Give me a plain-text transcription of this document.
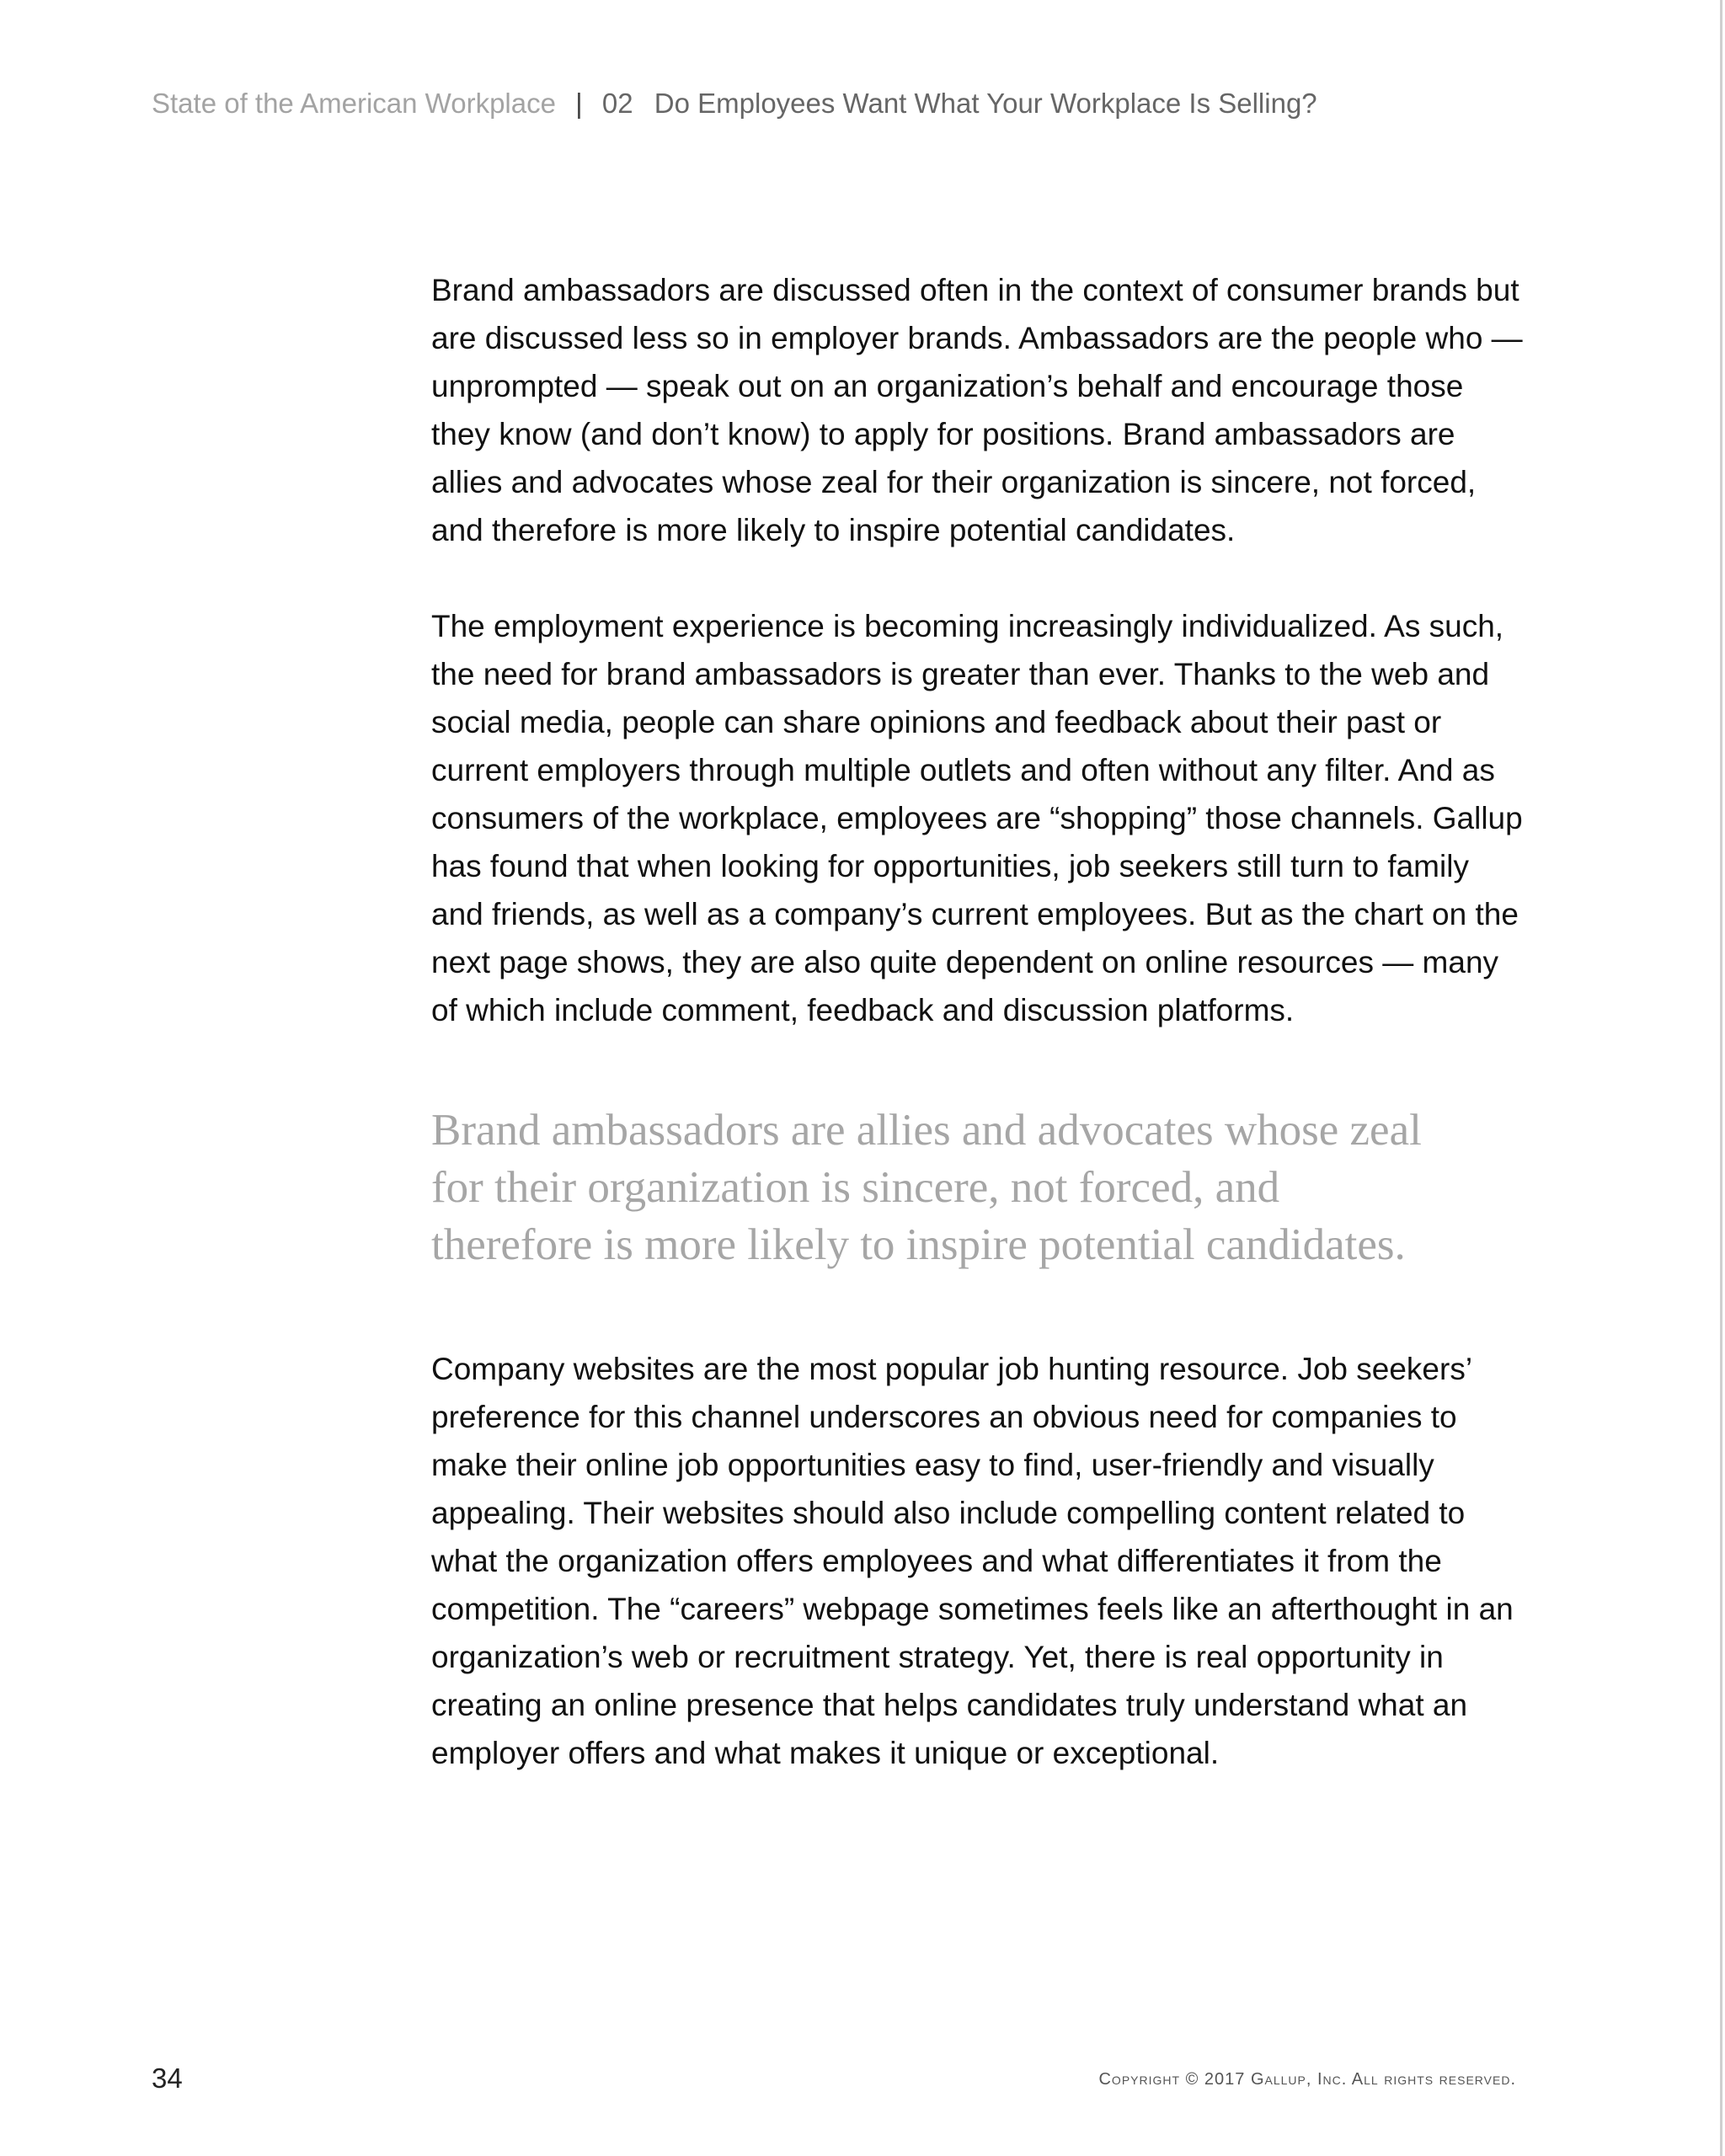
State of the American Workplace | 02 Do Employees Want What Your Workplace Is Selling?

Brand ambassadors are discussed often in the context of consumer brands but are discussed less so in employer brands. Ambassadors are the people who — unprompted — speak out on an organization’s behalf and encourage those they know (and don’t know) to apply for positions. Brand ambassadors are allies and advocates whose zeal for their organization is sincere, not forced, and therefore is more likely to inspire potential candidates.

The employment experience is becoming increasingly individualized. As such, the need for brand ambassadors is greater than ever. Thanks to the web and social media, people can share opinions and feedback about their past or current employers through multiple outlets and often without any filter. And as consumers of the workplace, employees are “shopping” those channels. Gallup has found that when looking for opportunities, job seekers still turn to family and friends, as well as a company’s current employees. But as the chart on the next page shows, they are also quite dependent on online resources — many of which include comment, feedback and discussion platforms.

Brand ambassadors are allies and advocates whose zeal for their organization is sincere, not forced, and therefore is more likely to inspire potential candidates.

Company websites are the most popular job hunting resource. Job seekers’ preference for this channel underscores an obvious need for companies to make their online job opportunities easy to find, user-friendly and visually appealing. Their websites should also include compelling content related to what the organization offers employees and what differentiates it from the competition. The “careers” webpage sometimes feels like an afterthought in an organization’s web or recruitment strategy. Yet, there is real opportunity in creating an online presence that helps candidates truly understand what an employer offers and what makes it unique or exceptional.

34	Copyright © 2017 Gallup, Inc. All rights reserved.
